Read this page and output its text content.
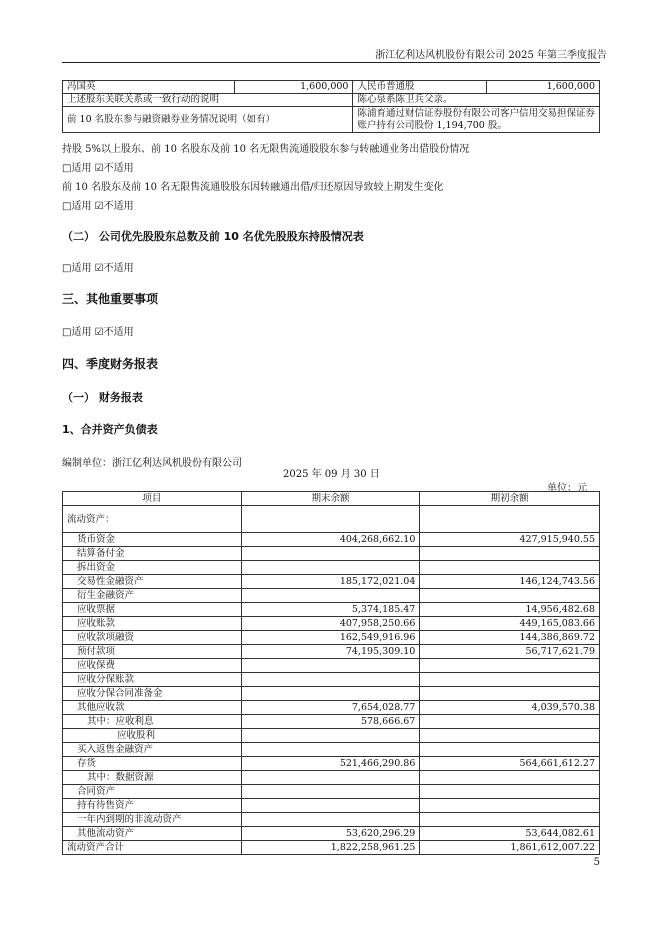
浙江亿利达风机股份有限公司 2025 年第三季度报告
冯国英	1,600,000	人民币普通股	1,600,000
上述股东关联关系或一致行动的说明		陈心泉系陈卫兵父亲。	
前 10 名股东参与融资融券业务情况说明（如有）		陈浦育通过财信证券股份有限公司客户信用交易担保证券
账户持有公司股份 1,194,700 股。	
持股 5%以上股东、前 10 名股东及前 10 名无限售流通股股东参与转融通业务出借股份情况
□适用 ☑不适用
前 10 名股东及前 10 名无限售流通股股东因转融通出借/归还原因导致较上期发生变化
□适用 ☑不适用
（二） 公司优先股股东总数及前 10 名优先股股东持股情况表
□适用 ☑不适用
三、其他重要事项
□适用 ☑不适用
四、季度财务报表
（一） 财务报表
1、合并资产负债表
编制单位：浙江亿利达风机股份有限公司
2025 年 09 月 30 日
单位：元
项目	期末余额	期初余额
流动资产：		
货币资金	404,268,662.10	427,915,940.55
结算备付金		
拆出资金		
交易性金融资产	185,172,021.04	146,124,743.56
衍生金融资产		
应收票据	5,374,185.47	14,956,482.68
应收账款	407,958,250.66	449,165,083.66
应收款项融资	162,549,916.96	144,386,869.72
预付款项	74,195,309.10	56,717,621.79
应收保费		
应收分保账款		
应收分保合同准备金		
其他应收款	7,654,028.77	4,039,570.38
其中：应收利息	578,666.67	
应收股利		
买入返售金融资产		
存货	521,466,290.86	564,661,612.27
其中：数据资源		
合同资产		
持有待售资产		
一年内到期的非流动资产		
其他流动资产	53,620,296.29	53,644,082.61
流动资产合计	1,822,258,961.25	1,861,612,007.22
5
